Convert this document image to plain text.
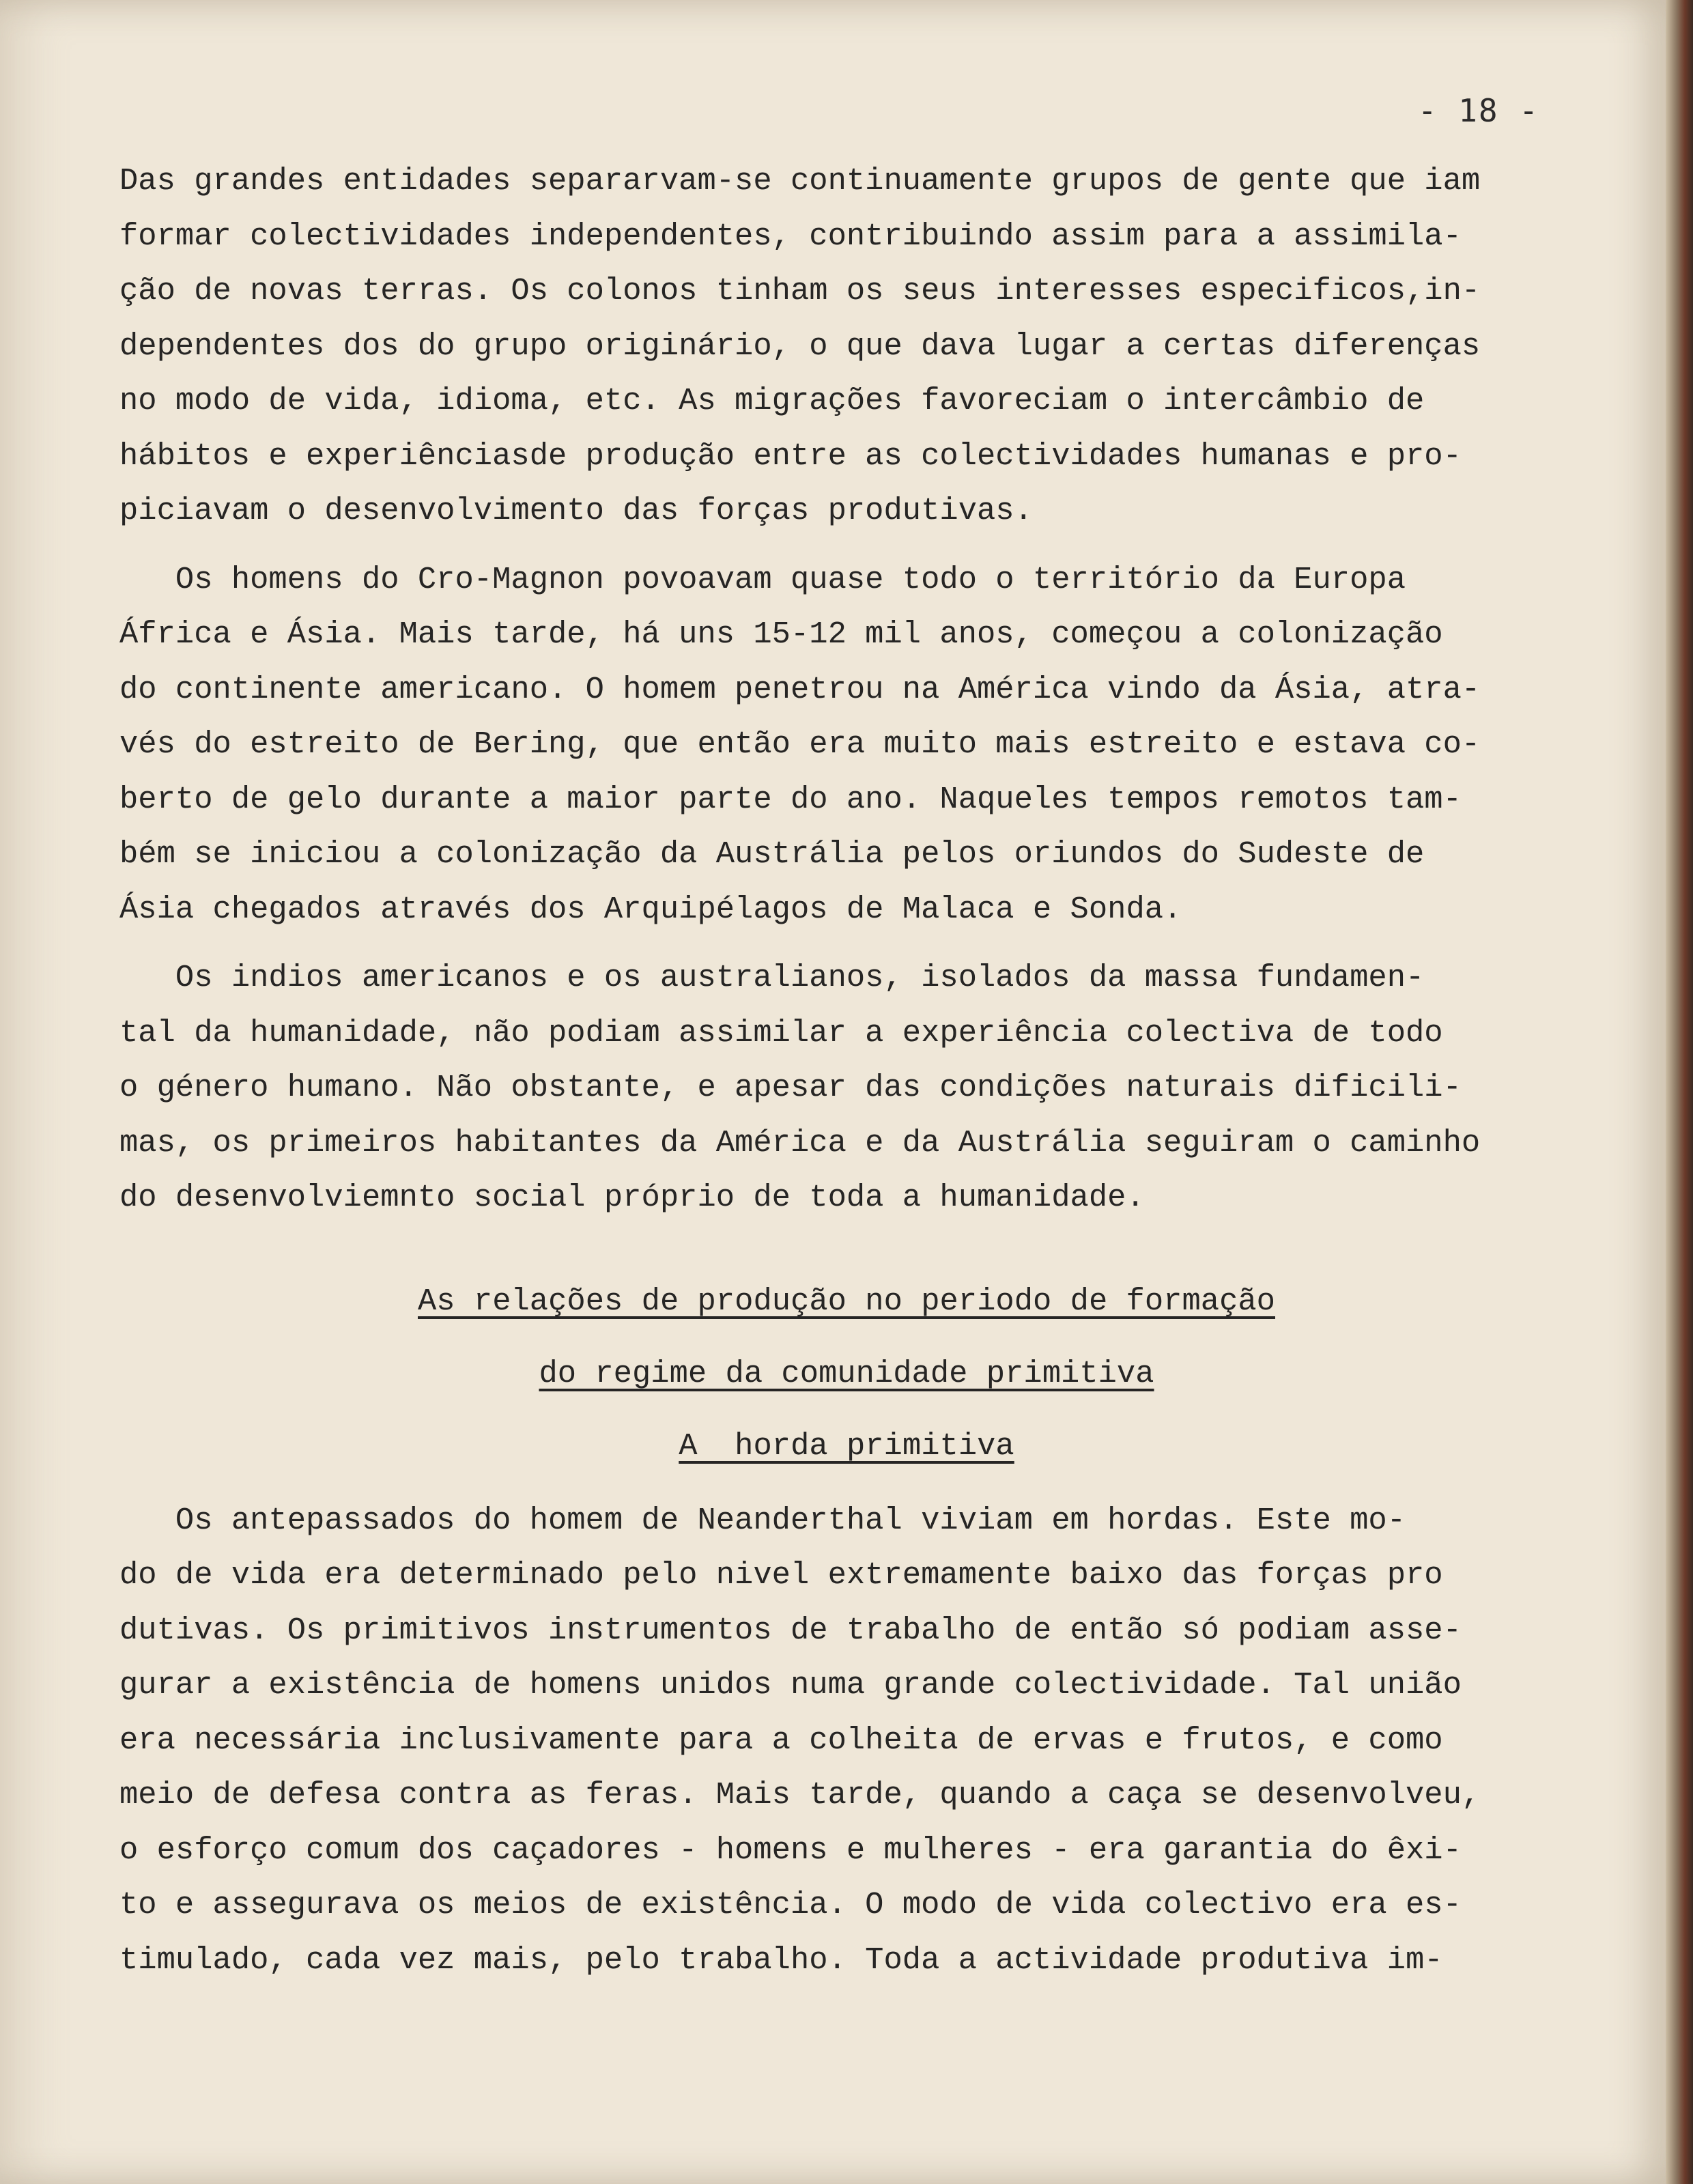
- 18 -
Das grandes entidades separarvam-se continuamente grupos de gente que iam
formar colectividades independentes, contribuindo assim para a assimila-
ção de novas terras. Os colonos tinham os seus interesses especificos,in-
dependentes dos do grupo originário, o que dava lugar a certas diferenças
no modo de vida, idioma, etc. As migrações favoreciam o intercâmbio de
hábitos e experiênciasde produção entre as colectividades humanas e pro-
piciavam o desenvolvimento das forças produtivas.
Os homens do Cro-Magnon povoavam quase todo o território da Europa
África e Ásia. Mais tarde, há uns 15-12 mil anos, começou a colonização
do continente americano. O homem penetrou na América vindo da Ásia, atra-
vés do estreito de Bering, que então era muito mais estreito e estava co-
berto de gelo durante a maior parte do ano. Naqueles tempos remotos tam-
bém se iniciou a colonização da Austrália pelos oriundos do Sudeste de
Ásia chegados através dos Arquipélagos de Malaca e Sonda.
Os indios americanos e os australianos, isolados da massa fundamen-
tal da humanidade, não podiam assimilar a experiência colectiva de todo
o género humano. Não obstante, e apesar das condições naturais dificili-
mas, os primeiros habitantes da América e da Austrália seguiram o caminho
do desenvolviemnto social próprio de toda a humanidade.
As relações de produção no periodo de formação
do regime da comunidade primitiva
A  horda primitiva
Os antepassados do homem de Neanderthal viviam em hordas. Este mo-
do de vida era determinado pelo nivel extremamente baixo das forças pro
dutivas. Os primitivos instrumentos de trabalho de então só podiam asse-
gurar a existência de homens unidos numa grande colectividade. Tal união
era necessária inclusivamente para a colheita de ervas e frutos, e como
meio de defesa contra as feras. Mais tarde, quando a caça se desenvolveu,
o esforço comum dos caçadores - homens e mulheres - era garantia do êxi-
to e assegurava os meios de existência. O modo de vida colectivo era es-
timulado, cada vez mais, pelo trabalho. Toda a actividade produtiva im-
